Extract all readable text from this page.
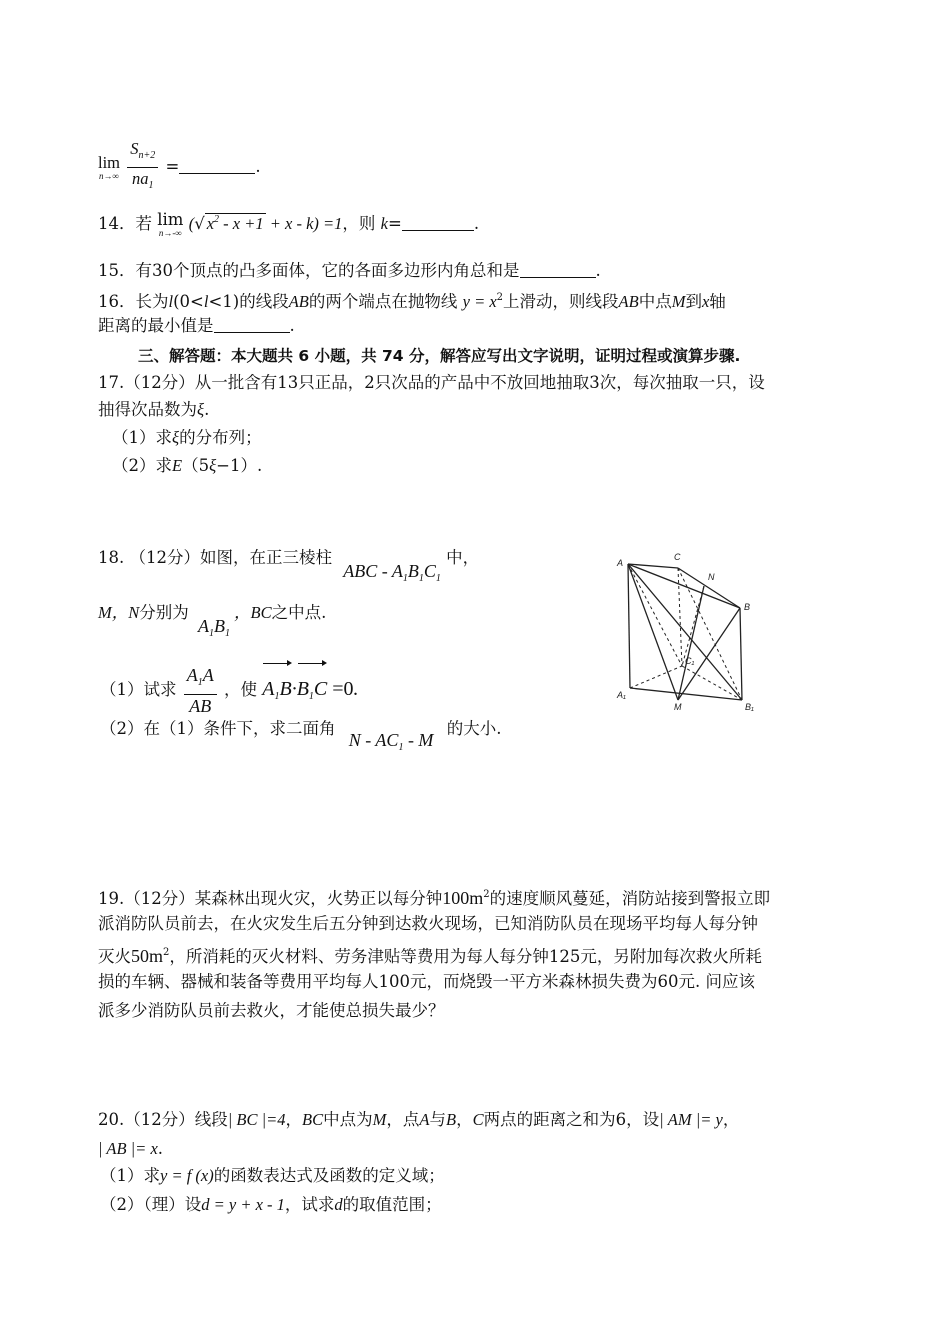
lim
n→∞
$\frac{S_{n+2}}{na_1}$ =	.
14．若 lim
n→-∞ (√ $x^2 - x +1 + x - k) =1$，则 k=	.
15．有30个顶点的凸多面体，它的各面多边形内角总和是	.
16．长为l(0<l<1)的线段AB的两个端点在抛物线 $y = x^2$上滑动，则线段AB中点M到x轴
距离的最小值是	.
三、解答题：本大题共 6 小题，共 74 分，解答应写出文字说明，证明过程或演算步骤.
17.（12分）从一批含有13只正品，2只次品的产品中不放回地抽取3次，每次抽取一只，设
抽得次品数为ξ.
（1）求ξ的分布列；
（2）求E（5ξ−1）.
18. （12分）如图，在正三棱柱 ABC - $A_1B_1C_1$ 中，
M，N分别为 $A_1B_1$，BC之中点.
（1）试求 $\frac{A_1A}{AB}$ ，使 $A_1B\cdot B_1C =0$.
（2）在（1）条件下，求二面角 N - $AC_1$ - M 的大小.
C
N
A
B
C₁
A₁
M	B₁
19.（12分）某森林出现火灾，火势正以每分钟$100m^2$的速度顺风蔓延，消防站接到警报立即
派消防队员前去，在火灾发生后五分钟到达救火现场，已知消防队员在现场平均每人每分钟
灭火$50m^2$，所消耗的灭火材料、劳务津贴等费用为每人每分钟125元，另附加每次救火所耗
损的车辆、器械和装备等费用平均每人100元，而烧毁一平方米森林损失费为60元. 问应该
派多少消防队员前去救火，才能使总损失最少？
20.（12分）线段| BC |=4，BC中点为M，点A与B，C两点的距离之和为6，设| AM |= y，
| AB |= x.
（1）求y = f (x)的函数表达式及函数的定义域；
（2）（理）设d = y + x - 1，试求d的取值范围；
